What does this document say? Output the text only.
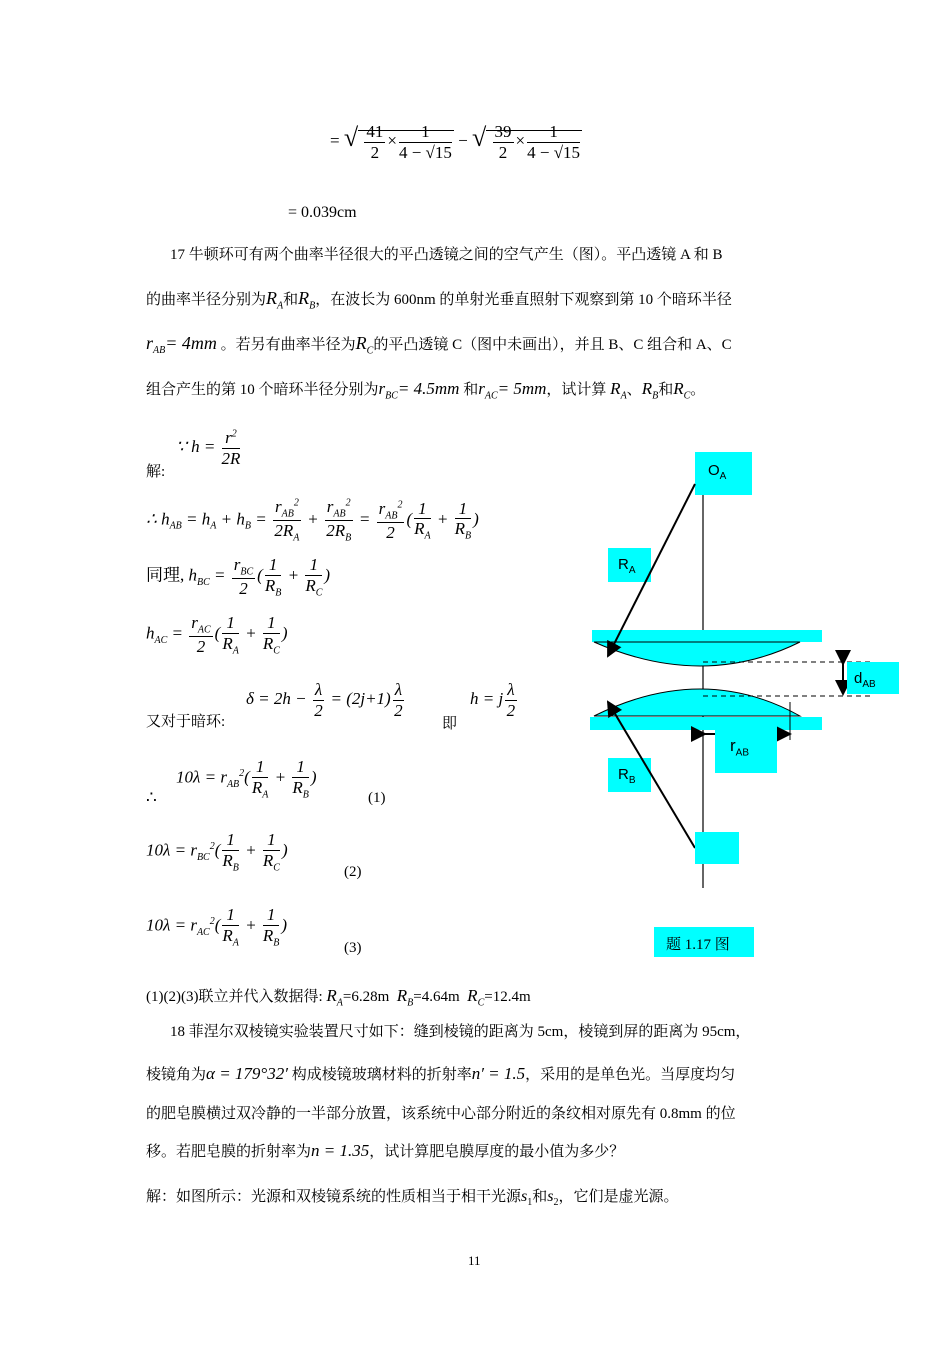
= √ $\frac{41}{2} \times \frac{1}{4 - √15}$ − √ $\frac{39}{2} \times \frac{1}{4 - √15}$
= 0.039cm
17 牛顿环可有两个曲率半径很大的平凸透镜之间的空气产生（图）。平凸透镜 A 和 B
的曲率半径分别为$R_A$和$R_B$，在波长为 600nm 的单射光垂直照射下观察到第 10 个暗环半径
$r_{AB}= 4mm$ 。若另有曲率半径为$R_C$的平凸透镜 C（图中未画出），并且 B、C 组合和 A、C
组合产生的第 10 个暗环半径分别为$r_{BC}= 4.5mm$ 和$r_{AC}= 5mm$，试计算 $R_A$、$R_B$和$R_C$。
∵ $h = \frac{r^2}{2R}$
解:
∴ $h_{AB} = h_A + h_B = \frac{r_{AB}^2}{2R_A} + \frac{r_{AB}^2}{2R_B} = \frac{r_{AB}^2}{2}$ ( $\frac{1}{R_A} + \frac{1}{R_B}$ )
同理, $h_{BC} = \frac{r_{BC}}{2}$ ( $\frac{1}{R_B} + \frac{1}{R_C}$ )
$h_{AC} = \frac{r_{AC}}{2}$ ( $\frac{1}{R_A} + \frac{1}{R_C}$ )
又对于暗环:
$\delta = 2h - \frac{\lambda}{2} = (2j+1) \frac{\lambda}{2}$
即
h = j $\frac{\lambda}{2}$
$10\lambda = r_{AB}^2( \frac{1}{R_A} + \frac{1}{R_B}$ )
∴	(1)
$10\lambda = r_{BC}^2( \frac{1}{R_B} + \frac{1}{R_C}$ )
(2)
$10\lambda = r_{AC}^2( \frac{1}{R_A} + \frac{1}{R_B}$ )
(3)
(1)(2)(3)联立并代入数据得: $R_A=6.28m$ $R_B=4.64m$ $R_C=12.4m$
$O_A$
$R_A$
$d_{AB}$
$r_{AB}$
$R_B$
题 1.17 图
18 菲涅尔双棱镜实验装置尺寸如下：缝到棱镜的距离为 5cm，棱镜到屏的距离为 95cm，
棱镜角为α = 179°32′ 构成棱镜玻璃材料的折射率n′ = 1.5，采用的是单色光。当厚度均匀
的肥皂膜横过双冷静的一半部分放置，该系统中心部分附近的条纹相对原先有 0.8mm 的位
移。若肥皂膜的折射率为n = 1.35，试计算肥皂膜厚度的最小值为多少？
解：如图所示：光源和双棱镜系统的性质相当于相干光源$s_1$和$s_2$，它们是虚光源。
11
